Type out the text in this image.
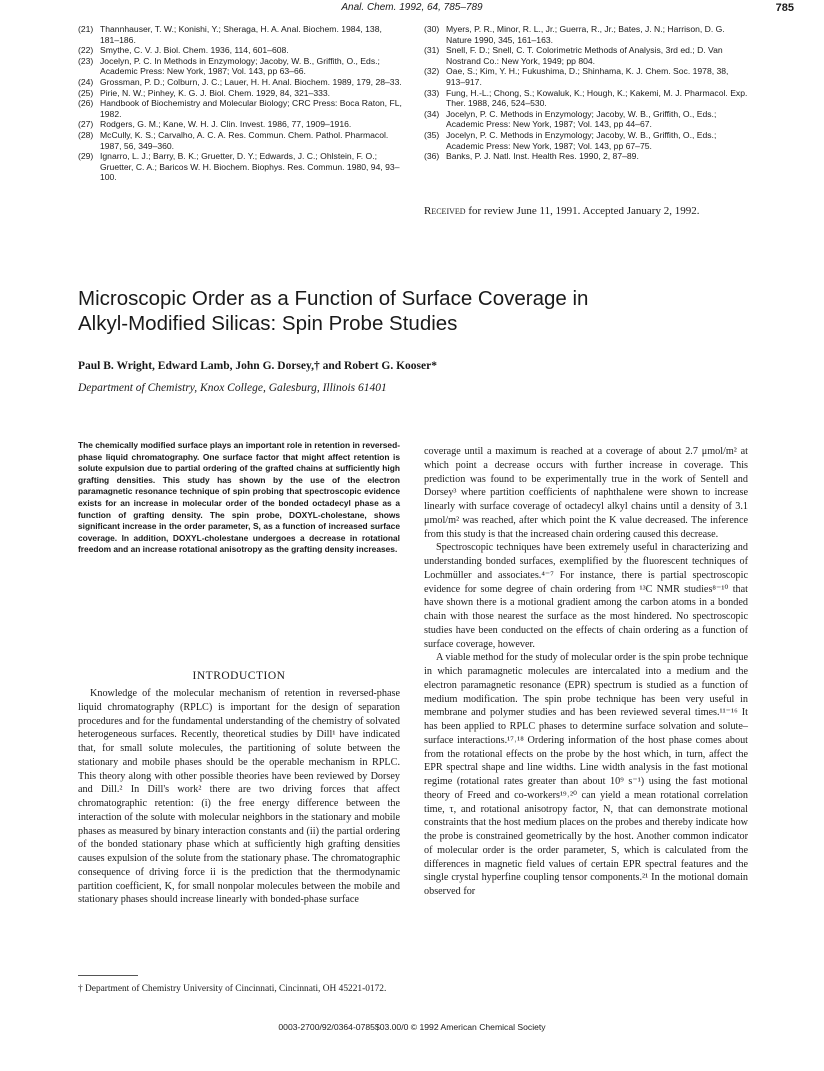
Anal. Chem. 1992, 64, 785–789	785
(21) Thannhauser, T. W.; Konishi, Y.; Sheraga, H. A. Anal. Biochem. 1984, 138, 181–186.
(22) Smythe, C. V. J. Biol. Chem. 1936, 114, 601–608.
(23) Jocelyn, P. C. In Methods in Enzymology; Jacoby, W. B., Griffith, O., Eds.; Academic Press: New York, 1987; Vol. 143, pp 63–66.
(24) Grossman, P. D.; Colburn, J. C.; Lauer, H. H. Anal. Biochem. 1989, 179, 28–33.
(25) Pirie, N. W.; Pinhey, K. G. J. Biol. Chem. 1929, 84, 321–333.
(26) Handbook of Biochemistry and Molecular Biology; CRC Press: Boca Raton, FL, 1982.
(27) Rodgers, G. M.; Kane, W. H. J. Clin. Invest. 1986, 77, 1909–1916.
(28) McCully, K. S.; Carvalho, A. C. A. Res. Commun. Chem. Pathol. Pharmacol. 1987, 56, 349–360.
(29) Ignarro, L. J.; Barry, B. K.; Gruetter, D. Y.; Edwards, J. C.; Ohlstein, F. O.; Gruetter, C. A.; Baricos W. H. Biochem. Biophys. Res. Commun. 1980, 94, 93–100.
(30) Myers, P. R., Minor, R. L., Jr.; Guerra, R., Jr.; Bates, J. N.; Harrison, D. G. Nature 1990, 345, 161–163.
(31) Snell, F. D.; Snell, C. T. Colorimetric Methods of Analysis, 3rd ed.; D. Van Nostrand Co.: New York, 1949; pp 804.
(32) Oae, S.; Kim, Y. H.; Fukushima, D.; Shinhama, K. J. Chem. Soc. 1978, 38, 913–917.
(33) Fung, H.-L.; Chong, S.; Kowaluk, K.; Hough, K.; Kakemi, M. J. Pharmacol. Exp. Ther. 1988, 246, 524–530.
(34) Jocelyn, P. C. Methods in Enzymology; Jacoby, W. B., Griffith, O., Eds.; Academic Press: New York, 1987; Vol. 143, pp 44–67.
(35) Jocelyn, P. C. Methods in Enzymology; Jacoby, W. B., Griffith, O., Eds.; Academic Press: New York, 1987; Vol. 143, pp 67–75.
(36) Banks, P. J. Natl. Inst. Health Res. 1990, 2, 87–89.
Received for review June 11, 1991. Accepted January 2, 1992.
Microscopic Order as a Function of Surface Coverage in
Alkyl-Modified Silicas: Spin Probe Studies
Paul B. Wright, Edward Lamb, John G. Dorsey,† and Robert G. Kooser*
Department of Chemistry, Knox College, Galesburg, Illinois 61401

The chemically modified surface plays an important role in retention in reversed-phase liquid chromatography. One surface factor that might affect retention is solute expulsion due to partial ordering of the grafted chains at sufficiently high grafting densities. This study has shown by the use of the electron paramagnetic resonance technique of spin probing that spectroscopic evidence exists for an increase in molecular order of the bonded octadecyl phase as a function of grafting density. The spin probe, DOXYL-cholestane, shows significant increase in the order parameter, S, as a function of increased surface coverage. In addition, DOXYL-cholestane undergoes a decrease in rotational freedom and an increase rotational anisotropy as the grafting density increases.

INTRODUCTION

Knowledge of the molecular mechanism of retention in reversed-phase liquid chromatography (RPLC) is important for the design of separation procedures and for the fundamental understanding of the chemistry of solvated heterogeneous surfaces. Recently, theoretical studies by Dill¹ have indicated that, for small solute molecules, the partitioning of solute between the stationary and mobile phases should be the operable mechanism in RPLC. This theory along with other possible theories have been reviewed by Dorsey and Dill.² In Dill's work² there are two driving forces that affect chromatographic retention: (i) the free energy difference between the interaction of the solute with molecular neighbors in the stationary and mobile phases as measured by binary interaction constants and (ii) the partial ordering of the bonded stationary phase which at sufficiently high grafting densities causes expulsion of the solute from the stationary phase. The chromatographic consequence of driving force ii is the prediction that the thermodynamic partition coefficient, K, for small nonpolar molecules between the mobile and stationary phases should increase linearly with bonded-phase surface

coverage until a maximum is reached at a coverage of about 2.7 μmol/m² at which point a decrease occurs with further increase in coverage. This prediction was found to be experimentally true in the work of Sentell and Dorsey³ where partition coefficients of naphthalene were shown to increase linearly with surface coverage of octadecyl alkyl chains until a density of 3.1 μmol/m² was reached, after which point the K value decreased. The inference from this study is that the increased chain ordering caused this decrease.

Spectroscopic techniques have been extremely useful in characterizing and understanding bonded surfaces, exemplified by the fluorescent techniques of Lochmüller and associates.⁴⁻⁷ For instance, there is partial spectroscopic evidence for some degree of chain ordering from ¹³C NMR studies⁸⁻¹⁰ that have shown there is a motional gradient among the carbon atoms in a bonded chain with those nearest the surface as the most hindered. No spectroscopic studies have been conducted on the effects of chain ordering as a function of surface coverage, however.

A viable method for the study of molecular order is the spin probe technique in which paramagnetic molecules are intercalated into a medium and the electron paramagnetic resonance (EPR) spectrum is studied as a function of medium modification. The spin probe technique has been very useful in membrane and polymer studies and has been reviewed several times.¹¹⁻¹⁶ It has been applied to RPLC phases to determine surface solvation and solute–surface interactions.¹⁷˒¹⁸ Ordering information of the host phase comes about from the rotational effects on the probe by the host which, in turn, affect the EPR spectral shape and line widths. Line width analysis in the fast motional regime (rotational rates greater than about 10⁹ s⁻¹) using the fast motional theory of Freed and co-workers¹⁹˒²⁰ can yield a mean rotational correlation time, τ, and rotational anisotropy factor, N, that can demonstrate motional constraints that the host medium places on the probes and thereby indicate how the probe is constrained geometrically by the host. Another common indicator of molecular order is the order parameter, S, which is calculated from the differences in magnetic field values of certain EPR spectral features and the single crystal hyperfine coupling tensor components.²¹ In the motional domain observed for

† Department of Chemistry University of Cincinnati, Cincinnati, OH 45221-0172.
0003-2700/92/0364-0785$03.00/0 © 1992 American Chemical Society
